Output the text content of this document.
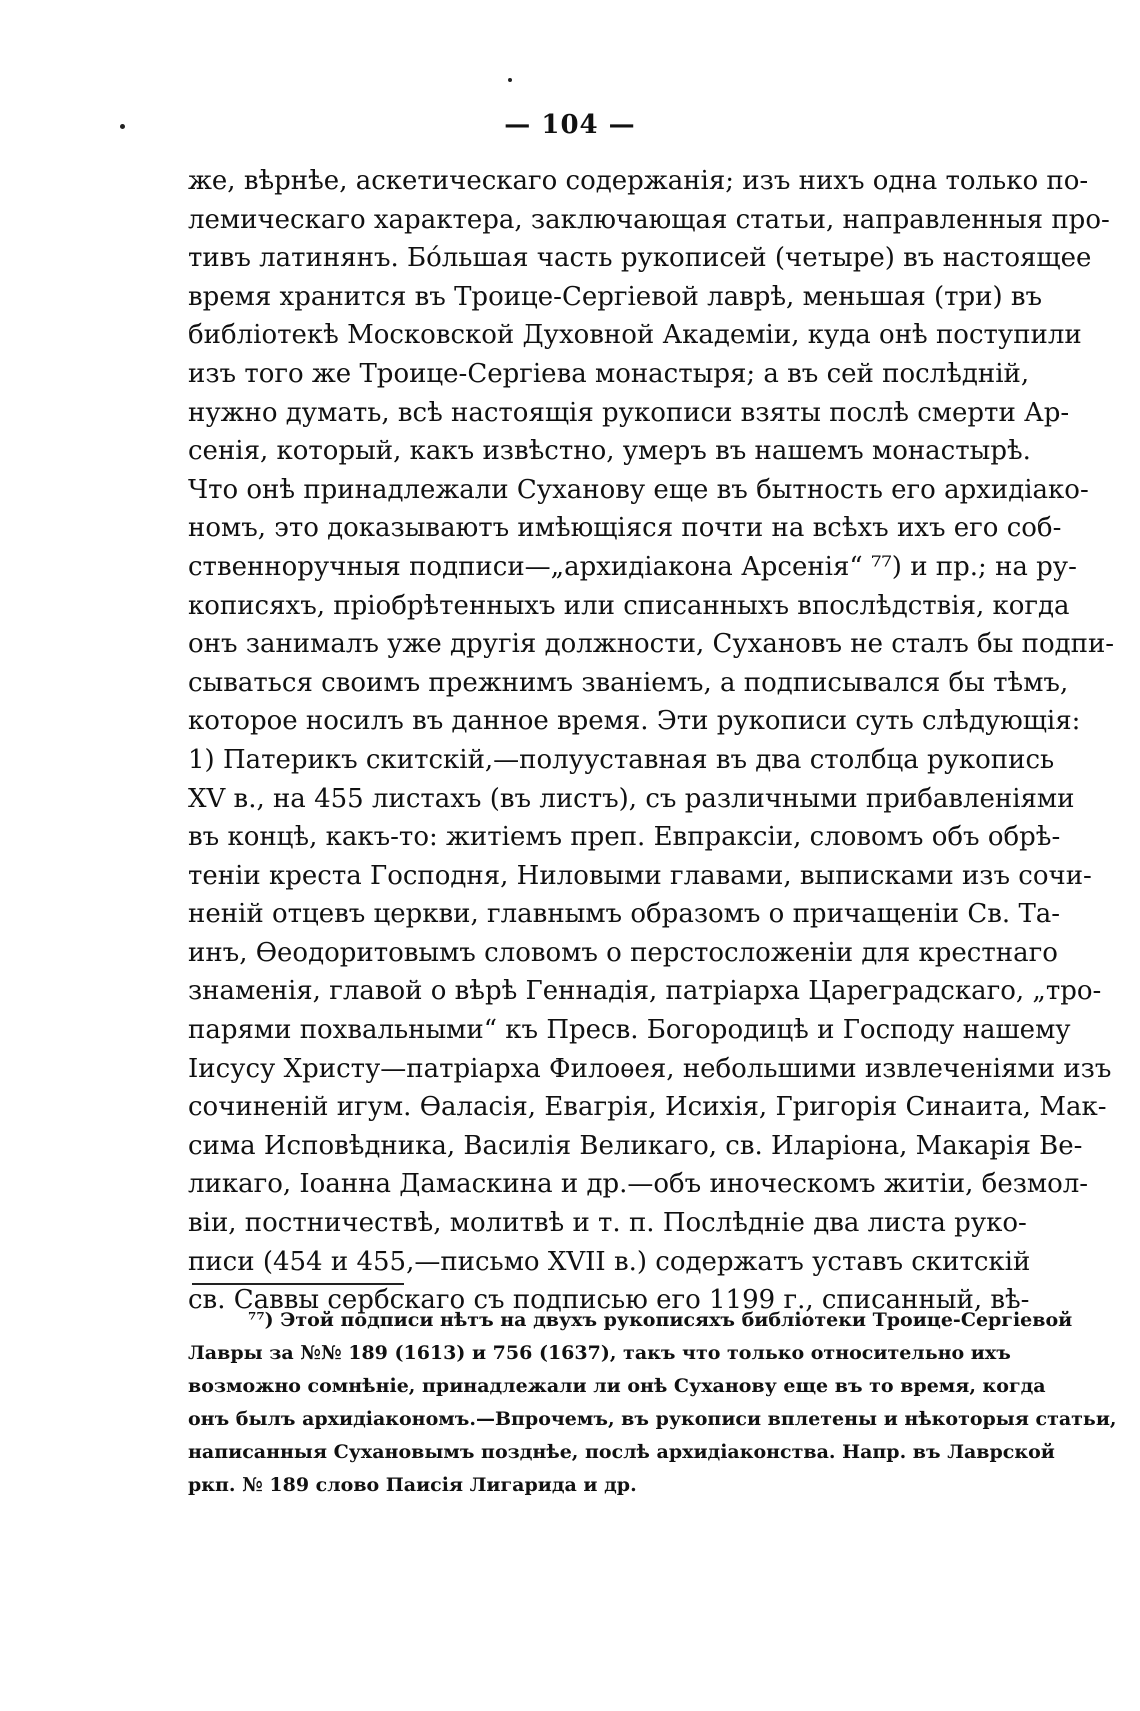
— 104 —
же, вѣрнѣе, аскетическаго содержанія; изъ нихъ одна только по-
лемическаго характера, заключающая статьи, направленныя про-
тивъ латинянъ. Бо́льшая часть рукописей (четыре) въ настоящее
время хранится въ Троице-Сергіевой лаврѣ, меньшая (три) въ
библіотекѣ Московской Духовной Академіи, куда онѣ поступили
изъ того же Троице-Сергіева монастыря; а въ сей послѣдній,
нужно думать, всѣ настоящія рукописи взяты послѣ смерти Ар-
сенія, который, какъ извѣстно, умеръ въ нашемъ монастырѣ.
Что онѣ принадлежали Суханову еще въ бытность его архидіако-
номъ, это доказываютъ имѣющіяся почти на всѣхъ ихъ его соб-
ственноручныя подписи—„архидіакона Арсенія“ ⁷⁷) и пр.; на ру-
кописяхъ, пріобрѣтенныхъ или списанныхъ впослѣдствія, когда
онъ занималъ уже другія должности, Сухановъ не сталъ бы подпи-
сываться своимъ прежнимъ званіемъ, а подписывался бы тѣмъ,
которое носилъ въ данное время. Эти рукописи суть слѣдующія:
1) Патерикъ скитскій,—полууставная въ два столбца рукопись
XV в., на 455 листахъ (въ листъ), съ различными прибавленіями
въ концѣ, какъ-то: житіемъ преп. Евпраксіи, словомъ объ обрѣ-
теніи креста Господня, Ниловыми главами, выписками изъ сочи-
неній отцевъ церкви, главнымъ образомъ о причащеніи Св. Та-
инъ, Ѳеодоритовымъ словомъ о перстосложеніи для крестнаго
знаменія, главой о вѣрѣ Геннадія, патріарха Цареградскаго, „тро-
парями похвальными“ къ Пресв. Богородицѣ и Господу нашему
Іисусу Христу—патріарха Филоѳея, небольшими извлеченіями изъ
сочиненій игум. Ѳаласія, Евагрія, Исихія, Григорія Синаита, Мак-
сима Исповѣдника, Василія Великаго, св. Иларіона, Макарія Ве-
ликаго, Іоанна Дамаскина и др.—объ иноческомъ житіи, безмол-
віи, постничествѣ, молитвѣ и т. п. Послѣдніе два листа руко-
писи (454 и 455,—письмо XVII в.) содержатъ уставъ скитскій
св. Саввы сербскаго съ подписью его 1199 г., списанный, вѣ-
⁷⁷) Этой подписи нѣтъ на двухъ рукописяхъ библіотеки Троице-Сергіевой
Лавры за №№ 189 (1613) и 756 (1637), такъ что только относительно ихъ
возможно сомнѣніе, принадлежали ли онѣ Суханову еще въ то время, когда
онъ былъ архидіакономъ.—Впрочемъ, въ рукописи вплетены и нѣкоторыя статьи,
написанныя Сухановымъ позднѣе, послѣ архидіаконства. Напр. въ Лаврской
ркп. № 189 слово Паисія Лигарида и др.
